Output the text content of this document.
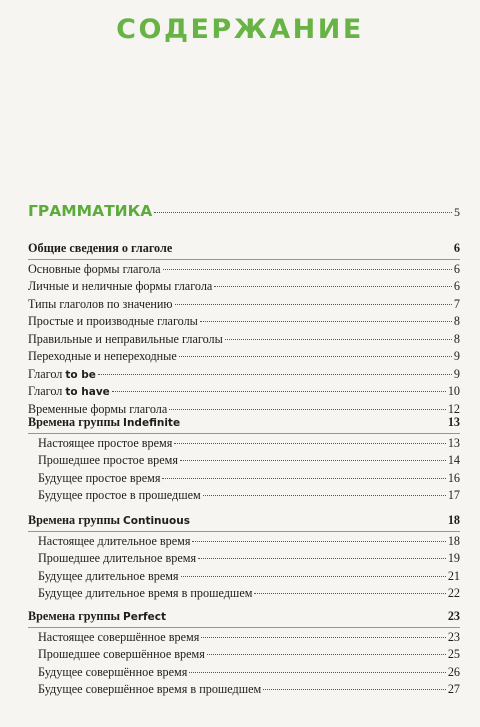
СОДЕРЖАНИЕ
ГРАММАТИКА	5
Общие сведения о глаголе	6
Основные формы глагола	6
Личные и неличные формы глагола	6
Типы глаголов по значению	7
Простые и производные глаголы	8
Правильные и неправильные глаголы	8
Переходные и непереходные	9
Глагол to be	9
Глагол to have	10
Временные формы глагола	12
Времена группы Indefinite	13
Настоящее простое время	13
Прошедшее простое время	14
Будущее простое время	16
Будущее простое в прошедшем	17
Времена группы Continuous	18
Настоящее длительное время	18
Прошедшее длительное время	19
Будущее длительное время	21
Будущее длительное время в прошедшем	22
Времена группы Perfect	23
Настоящее совершённое время	23
Прошедшее совершённое время	25
Будущее совершённое время	26
Будущее совершённое время в прошедшем	27
